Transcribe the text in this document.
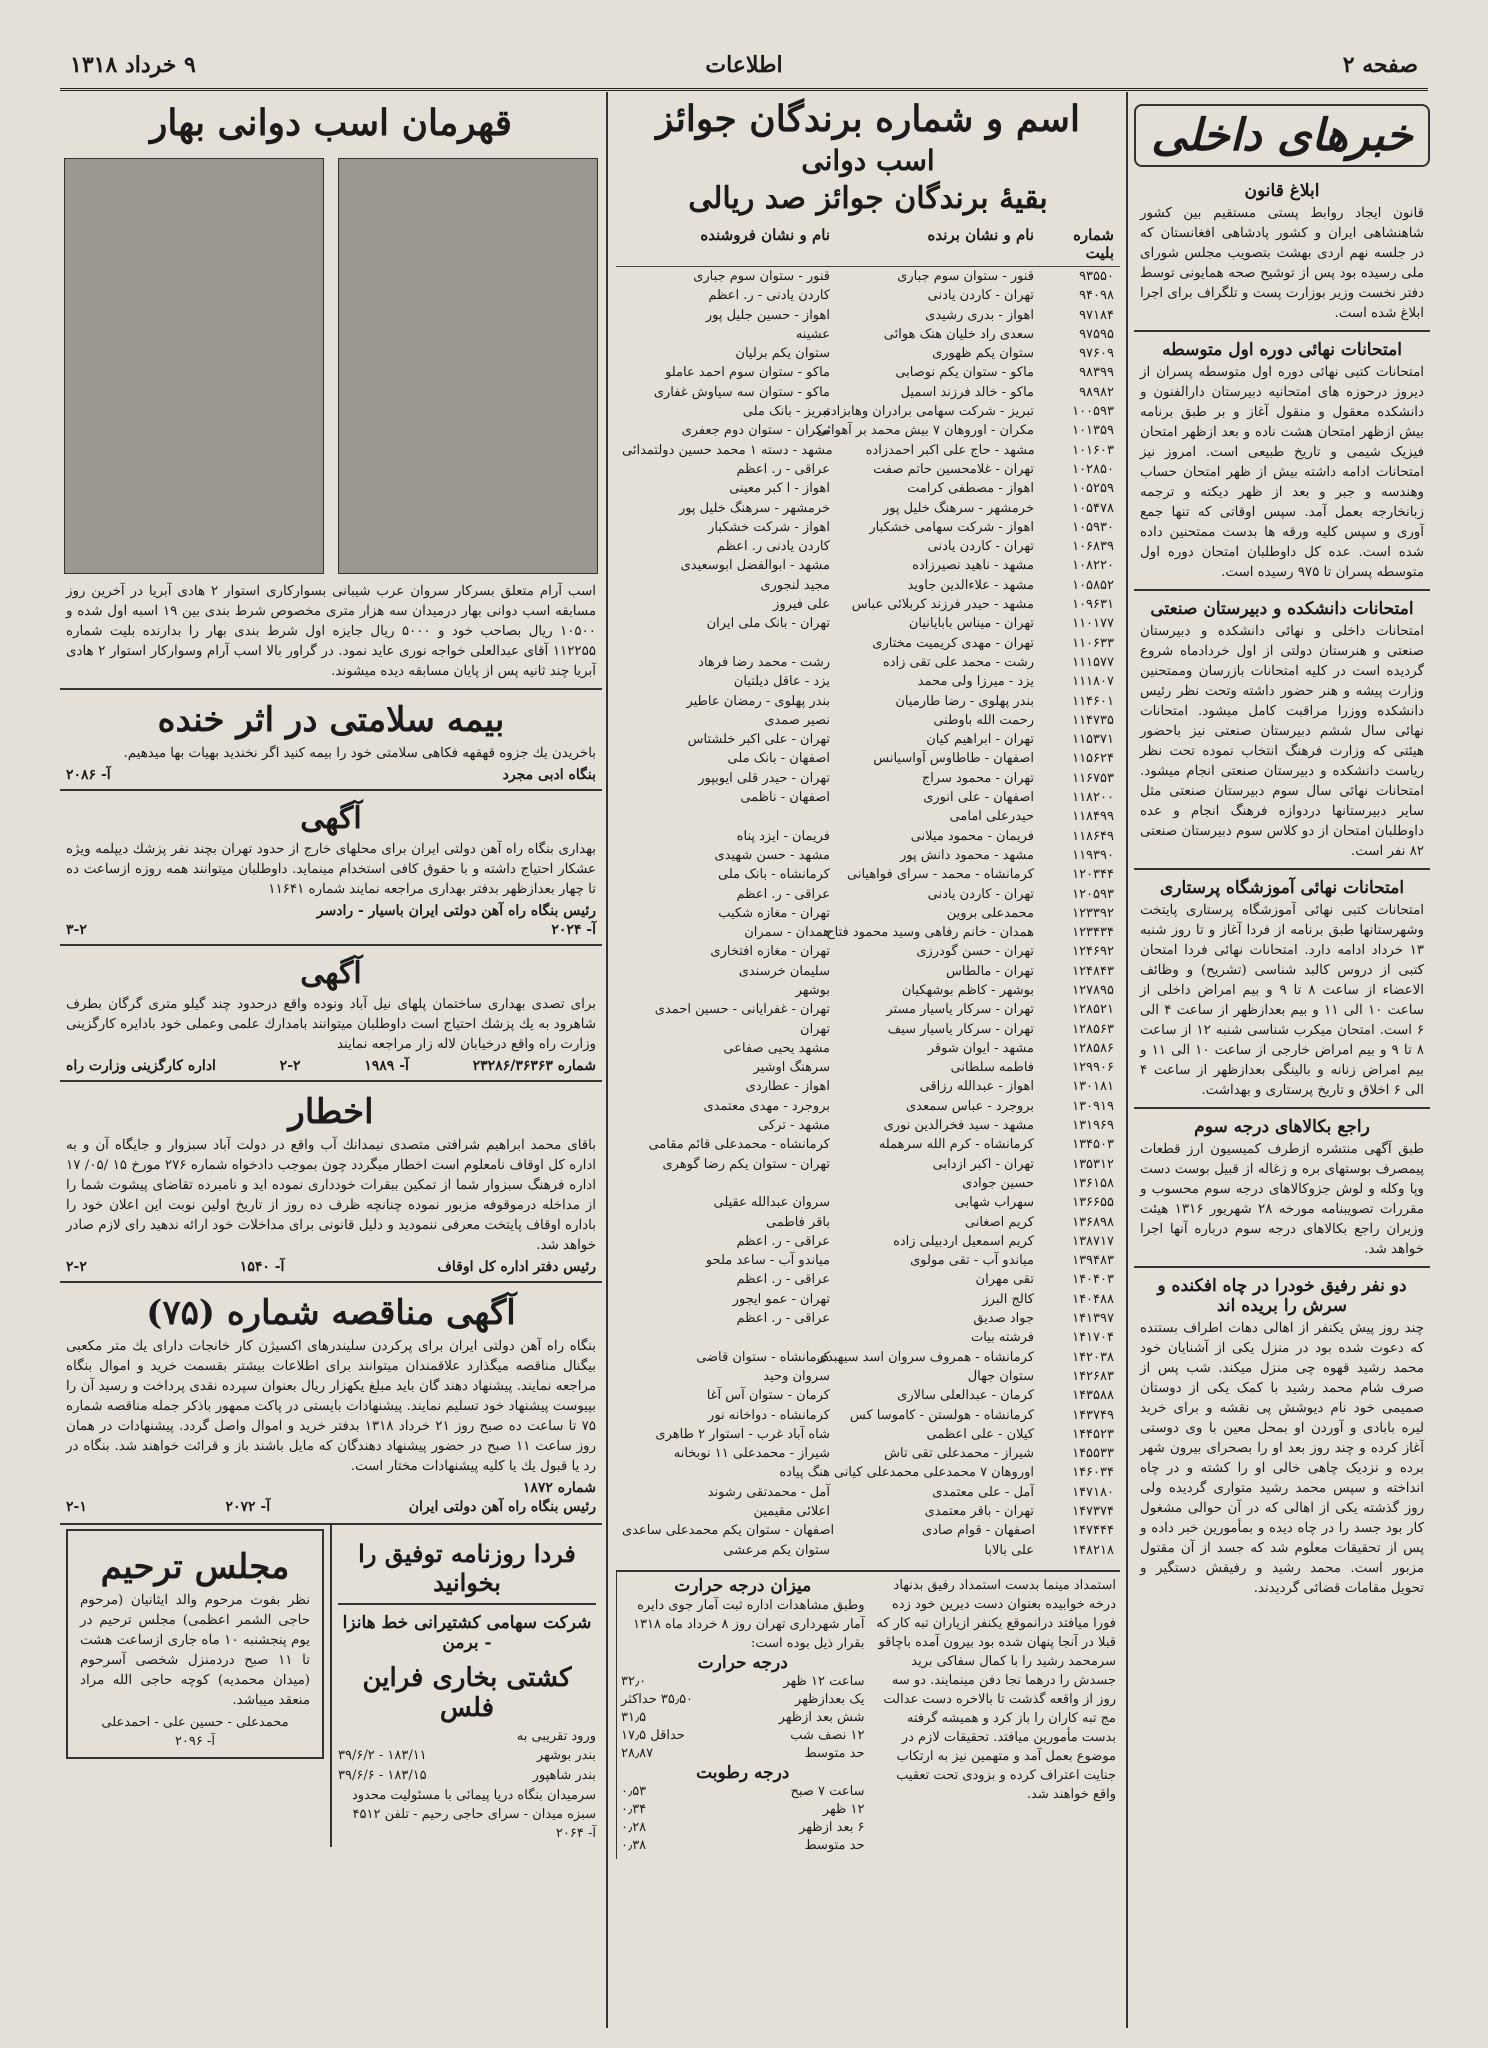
صفحه ۲
اطلاعات
۹ خرداد ۱۳۱۸
خبرهای داخلی
ابلاغ قانون
قانون ایجاد روابط پستی مستقیم بین کشور شاهنشاهی ایران و کشور پادشاهی افغانستان که در جلسه نهم اردی بهشت بتصویب مجلس شورای ملی رسیده بود پس از توشیح صحه همایونی توسط دفتر نخست وزیر بوزارت پست و تلگراف برای اجرا ابلاغ شده است.
امتحانات نهائی دوره اول متوسطه
امتحانات کتبی نهائی دوره اول متوسطه پسران از دیروز درحوزه های امتحانیه دبیرستان دارالفنون و دانشکده معقول و منقول آغاز و بر طبق برنامه بیش ازظهر امتحان هشت ناده و بعد ازظهر امتحان فیزیک شیمی و تاریخ طبیعی است. امروز نیز امتحانات ادامه داشته بیش از ظهر امتحان حساب وهندسه و جبر و بعد از ظهر دیکته و ترجمه زبانخارجه بعمل آمد. سپس اوقاتی که تنها جمع آوری و سپس کلیه ورقه ها بدست ممتحنین داده شده است. عده کل داوطلبان امتحان دوره اول متوسطه پسران تا ۹۷۵ رسیده است.
امتحانات دانشکده و دبیرستان صنعتی
امتحانات داخلی و نهائی دانشکده و دبیرستان صنعتی و هنرستان دولتی از اول خردادماه شروع گردیده است در کلیه امتحانات بازرسان وممتحنین وزارت پیشه و هنر حضور داشته وتحت نظر رئیس دانشکده ووزرا مراقبت کامل میشود. امتحانات نهائی سال ششم دبیرستان صنعتی نیز باحضور هیئتی که وزارت فرهنگ انتخاب نموده تحت نظر ریاست دانشکده و دبیرستان صنعتی انجام میشود. امتحانات نهائی سال سوم دبیرستان صنعتی مثل سایر دبیرستانها دردوازه فرهنگ انجام و عده داوطلبان امتحان از دو کلاس سوم دبیرستان صنعتی ۸۲ نفر است.
امتحانات نهائی آموزشگاه پرستاری
امتحانات کتبی نهائی آموزشگاه پرستاری پایتخت وشهرستانها طبق برنامه از فردا آغاز و تا روز شنبه ۱۳ خرداد ادامه دارد. امتحانات نهائی فردا امتحان کتبی از دروس کالبد شناسی (تشریح) و وظائف الاعضاء از ساعت ۸ تا ۹ و بیم امراض داخلی از ساعت ۱۰ الی ۱۱ و بیم بعدازظهر از ساعت ۴ الی ۶ است. امتحان میکرب شناسی شنبه ۱۲ از ساعت ۸ تا ۹ و بیم امراض خارجی از ساعت ۱۰ الی ۱۱ و بیم امراض زنانه و بالینگی بعدازظهر از ساعت ۴ الی ۶ اخلاق و تاریخ پرستاری و بهداشت.
راجع بکالاهای درجه سوم
طبق آگهی منتشره ازطرف کمیسیون ارز قطعات پیمصرف بوستهای بره و زغاله از قبیل بوست دست وپا وکله و لوش جزوکالاهای درجه سوم محسوب و مقررات تصویبنامه مورخه ۲۸ شهریور ۱۳۱۶ هیئت وزیران راجع بکالاهای درجه سوم درباره آنها اجرا خواهد شد.
دو نفر رفیق خودرا در چاه افکنده و سرش را بریده اند
چند روز پیش یکنفر از اهالی دهات اطراف بستنده که دعوت شده بود در منزل یکی از آشنایان خود محمد رشید قهوه چی منزل میکند. شب پس از صرف شام محمد رشید با کمک یکی از دوستان صمیمی خود نام دیوشش پی نقشه و برای خرید لیره بابادی و آوردن او بمحل معین با وی دوستی آغاز کرده و چند روز بعد او را بصحرای بیرون شهر برده و نزدیک چاهی خالی او را کشته و در چاه انداخته و سپس محمد رشید متواری گردیده ولی روز گذشته یکی از اهالی که در آن حوالی مشغول کار بود جسد را در چاه دیده و بمأمورین خبر داده و پس از تحقیقات معلوم شد که جسد از آن مقتول مزبور است. محمد رشید و رفیقش دستگیر و تحویل مقامات قضائی گردیدند.
اسم و شماره برندگان جوائز
اسب دوانی
بقیهٔ برندگان جوائز صد ریالی
شماره بلیت
نام و نشان برنده
نام و نشان فروشنده
۹۳۵۵۰
قنور - ستوان سوم جباری
قنور - ستوان سوم جباری
۹۴۰۹۸
تهران - کاردن یادنی
کاردن یادنی - ر. اعظم
۹۷۱۸۴
اهواز - بدری رشیدی
اهواز - حسین جلیل پور
۹۷۵۹۵
سعدی راد خلیان هنک هوائی
عشینه
۹۷۶۰۹
ستوان یکم ظهوری
ستوان یکم برلیان
۹۸۳۹۹
ماکو - ستوان یکم نوصابی
ماکو - ستوان سوم احمد عاملو
۹۸۹۸۲
ماکو - خالد فرزند اسمیل
ماکو - ستوان سه سیاوش غفاری
۱۰۰۵۹۳
تبریز - شرکت سهامی برادران وهابزاده
تبریز - بانک ملی
۱۰۱۳۵۹
مکران - اوروهان ۷ بیش محمد بر آهوائی
مکران - ستوان دوم جعفری
۱۰۱۶۰۳
مشهد - حاج علی اکبر احمدزاده
مشهد - دسته ۱ محمد حسین دولتمدائی
۱۰۲۸۵۰
تهران - غلامحسین حاتم صفت
عراقی - ر. اعظم
۱۰۵۲۵۹
اهواز - مصطفی کرامت
اهواز - ا کبر معینی
۱۰۵۴۷۸
خرمشهر - سرهنگ خلیل پور
خرمشهر - سرهنگ خلیل پور
۱۰۵۹۳۰
اهواز - شرکت سهامی خشکبار
اهواز - شرکت خشکبار
۱۰۶۸۳۹
تهران - کاردن یادنی
کاردن یادنی ر. اعظم
۱۰۸۲۲۰
مشهد - ناهید نصیرزاده
مشهد - ابوالفضل ابوسعیدی
۱۰۵۸۵۲
مشهد - علاءالدین جاوید
مجید لنجوری
۱۰۹۶۳۱
مشهد - حیدر فرزند کربلائی عباس
علی فیروز
۱۱۰۱۷۷
تهران - میناس بابایانیان
تهران - بانک ملی ایران
۱۱۰۶۳۳
تهران - مهدی کریمیت مختاری
۱۱۱۵۷۷
رشت - محمد علی تقی زاده
رشت - محمد رضا فرهاد
۱۱۱۸۰۷
یزد - میرزا ولی محمد
یزد - عاقل دیلتیان
۱۱۴۶۰۱
بندر پهلوی - رضا طارمیان
بندر پهلوی - رمضان عاطیر
۱۱۴۷۳۵
رحمت الله باوطنی
نصیر صمدی
۱۱۵۳۷۱
تهران - ابراهیم کیان
تهران - علی اکبر خلشتاس
۱۱۵۶۲۴
اصفهان - طاطاوس آواسیانس
اصفهان - بانک ملی
۱۱۶۷۵۳
تهران - محمود سراج
تهران - حیدر قلی ایوبپور
۱۱۸۲۰۰
اصفهان - علی انوری
اصفهان - ناظمی
۱۱۸۴۹۹
حیدرعلی امامی
۱۱۸۶۴۹
فریمان - محمود میلانی
فریمان - ایزد پناه
۱۱۹۳۹۰
مشهد - محمود دانش پور
مشهد - حسن شهیدی
۱۲۰۳۴۴
کرمانشاه - محمد - سرای فواهیانی
کرمانشاه - بانک ملی
۱۲۰۵۹۳
تهران - کاردن یادنی
عراقی - ر. اعظم
۱۲۳۳۹۲
محمدعلی بروین
تهران - مغازه شکیب
۱۲۳۴۳۴
همدان - خانم رفاهی وسید محمود فتاح
همدان - سمران
۱۲۴۶۹۲
تهران - حسن گودرزی
تهران - مغازه افتخاری
۱۲۴۸۴۳
تهران - مالطاس
سلیمان خرسندی
۱۲۷۸۹۵
بوشهر - کاظم بوشهکیان
بوشهر
۱۲۸۵۲۱
تهران - سرکار یاسیار مستر
تهران - غفرایانی - حسین احمدی
۱۲۸۵۶۳
تهران - سرکار یاسیار سیف
تهران
۱۲۸۵۸۶
مشهد - ایوان شوقر
مشهد یحیی صفاعی
۱۲۹۹۰۶
فاطمه سلطانی
سرهنگ اوشیر
۱۳۰۱۸۱
اهواز - عبدالله رزاقی
اهواز - عطاردی
۱۳۰۹۱۹
بروجرد - عباس سمعدی
بروجرد - مهدی معتمدی
۱۳۱۹۶۹
مشهد - سید فخرالدین نوری
مشهد - ترکی
۱۳۴۵۰۳
کرمانشاه - کرم الله سرهمله
کرمانشاه - محمدعلی قائم مقامی
۱۳۵۳۱۲
تهران - اکبر ازدابی
تهران - ستوان یکم رضا گوهری
۱۳۶۱۵۸
حسین جوادی
۱۳۶۶۵۵
سهراب شهابی
سروان عبدالله عقیلی
۱۳۶۸۹۸
کریم اصغانی
باقر فاطمی
۱۳۸۷۱۷
کریم اسمعیل اردبیلی زاده
عراقی - ر. اعظم
۱۳۹۴۸۳
میاندو آب - تقی مولوی
میاندو آب - ساعد ملحو
۱۴۰۴۰۳
تقی مهران
عراقی - ر. اعظم
۱۴۰۴۸۸
کالج البرز
تهران - عمو ایجور
۱۴۱۳۹۷
جواد صدیق
عراقی - ر. اعظم
۱۴۱۷۰۴
فرشته بیات
۱۴۲۰۳۸
کرمانشاه - همروف سروان اسد سیهبدی
کرمانشاه - ستوان قاضی
۱۴۲۶۸۳
ستوان جهال
سروان وحید
۱۴۳۵۸۸
کرمان - عبدالعلی سالاری
کرمان - ستوان آس آغا
۱۴۳۷۴۹
کرمانشاه - هولستن - کاموسا کس
کرمانشاه - دواخانه نور
۱۴۴۵۲۳
کیلان - علی اعظمی
شاه آباد غرب - استوار ۲ طاهری
۱۴۵۵۳۳
شیراز - محمدعلی تقی تاش
شیراز - محمدعلی ۱۱ نوبخانه
۱۴۶۰۳۴
اوروهان ۷ محمدعلی محمدعلی کیانی
هنگ پیاده
۱۴۷۱۸۰
آمل - علی معتمدی
آمل - محمدتقی رشوند
۱۴۷۳۷۴
تهران - باقر معتمدی
اعلائی مقیمین
۱۴۷۴۴۴
اصفهان - قوام صادی
اصفهان - ستوان یکم محمدعلی ساعدی
۱۴۸۲۱۸
علی بالابا
ستوان یکم مرعشی
استمداد مینما بدست استمداد رفیق بدنهاد درخه خوابیده بعنوان دست دیرین خود زده فورا میافتد درانموقع یکنفر ازیاران تبه کار که قبلا در آنجا پنهان شده بود بیرون آمده باچاقو سرمحمد رشید را با کمال سفاکی برید جسدش را درهما نجا دفن مینمایند. دو سه روز از واقعه گذشت تا بالاخره دست عدالت مج تبه کاران را باز کرد و همیشه گرفته بدست مأمورین میافتد. تحقیقات لازم در موضوع بعمل آمد و متهمین نیز به ارتکاب جنایت اعتراف کرده و بزودی تحت تعقیب واقع خواهند شد.
میزان درجه حرارت
وطبق مشاهدات اداره ثبت آمار جوی دایره آمار شهرداری تهران روز ۸ خرداد ماه ۱۳۱۸ بقرار ذیل بوده است:
درجه حرارت
ساعت ۱۲ ظهر
۳۲٫۰
یک بعدازظهر
۳۵٫۵۰ حداکثر
شش بعد ازظهر
۳۱٫۵
۱۲ نصف شب
حداقل ۱۷٫۵
حد متوسط
۲۸٫۸۷
درجه رطوبت
ساعت ۷ صبح
۰٫۵۳
۱۲ ظهر
۰٫۳۴
۶ بعد ازظهر
۰٫۲۸
حد متوسط
۰٫۳۸
قهرمان اسب دوانی بهار
اسب آرام متعلق بسرکار سروان عرب شیبانی بسوارکاری استوار ۲ هادی آبریا در آخرین روز مسابقه اسب دوانی بهار درمیدان سه هزار متری مخصوص شرط بندی بین ۱۹ اسبه اول شده و ۱۰۵۰۰ ریال بصاحب خود و ۵۰۰۰ ریال جایزه اول شرط بندی بهار را بدارنده بلیت شماره ۱۱۲۲۵۵ آقای عبدالعلی خواجه نوری عاید نمود. در گراور بالا اسب آرام وسوارکار استوار ۲ هادی آبریا چند ثانیه پس از پایان مسابقه دیده میشوند.
بیمه سلامتی در اثر خنده
باخریدن یك جزوه قهقهه فکاهی سلامتی خود را بیمه کنید اگر نخندید بهیات بها میدهیم.
بنگاه ادبی مجرد
آ- ۲۰۸۶
آگهی
بهداری بنگاه راه آهن دولتی ایران برای محلهای خارج از حدود تهران بچند نفر پزشك دیپلمه ویژه عشکار احتیاج داشته و با حقوق کافی استخدام مینماید. داوطلبان میتوانند همه روزه ازساعت ده تا چهار بعدازظهر بدفتر بهداری مراجعه نمایند شماره ۱۱۶۴۱
رئیس بنگاه راه آهن دولتی ایران باسیار - رادسر
آ- ۲۰۲۴
۳-۲
آگهی
برای تصدی بهداری ساختمان پلهای نیل آباد ونوده واقع درحدود چند گیلو متری گرگان بطرف شاهرود به یك پزشك احتیاج است داوطلبان میتوانند بامدارك علمی وعملی خود بادایره کارگزینی وزارت راه واقع درخیابان لاله زار مراجعه نمایند
شماره ۲۳۲۸۶/۳۶۳۶۳
آ- ۱۹۸۹
۲-۲
اداره کارگزینی وزارت راه
اخطار
باقای محمد ابراهیم شرافتی متصدی نیمدانك آب واقع در دولت آباد سبزوار و جایگاه آن و به اداره کل اوقاف نامعلوم است اخطار میگردد چون بموجب دادخواه شماره ۲۷۶ مورخ ۱۵ /۰۵/ ۱۷ اداره فرهنگ سبزوار شما از تمکین ببقرات خودداری نموده اید و نامبرده تقاضای پیشوت شما را از مداخله درموقوفه مزبور نموده چنانچه ظرف ده روز از تاریخ اولین نوبت این اعلان خود را باداره اوقاف پایتخت معرفی ننمودید و دلیل قانونی برای مداخلات خود ارائه ندهید رای لازم صادر خواهد شد.
رئیس دفتر اداره کل اوقاف
آ- ۱۵۴۰
۲-۲
آگهی مناقصه شماره (۷۵)
بنگاه راه آهن دولتی ایران برای پرکردن سلیندرهای اکسیژن کار خانجات دارای یك متر مکعبی بیگنال مناقصه میگذارد علاقمندان میتوانند برای اطلاعات بیشتر بقسمت خرید و اموال بنگاه مراجعه نمایند. پیشنهاد دهند گان باید مبلغ یکهزار ریال بعنوان سپرده نقدی پرداخت و رسید آن را بپیوست پیشنهاد خود تسلیم نمایند. پیشنهادات بایستی در پاکت ممهور باذکر جمله مناقصه شماره ۷۵ تا ساعت ده صبح روز ۲۱ خرداد ۱۳۱۸ بدفتر خرید و اموال واصل گردد. پیشنهادات در همان روز ساعت ۱۱ صبح در حضور پیشنهاد دهندگان که مایل باشند باز و قرائت خواهند شد. بنگاه در رد یا قبول یك یا کلیه پیشنهادات مختار است.
شماره ۱۸۷۲
رئیس بنگاه راه آهن دولتی ایران
آ- ۲۰۷۲
۲-۱
فردا روزنامه توفیق را بخوانید
شرکت سهامی کشتیرانی خط هانزا - برمن
کشتی بخاری فراین فلس
ورود تقریبی به
بندر بوشهر
۱۸۳/۱۱ - ۳۹/۶/۲
بندر شاهپور
۱۸۳/۱۵ - ۳۹/۶/۶
سرمیدان بنگاه دریا پیمائی با مسئولیت محدود سبزه میدان - سرای حاجی رحیم - تلفن ۴۵۱۲
آ- ۲۰۶۴
مجلس ترحیم
نظر بفوت مرحوم والد ایثانیان (مرحوم حاجی الشمر اعظمی) مجلس ترحیم در یوم پنجشنبه ۱۰ ماه جاری ازساعت هشت تا ۱۱ صبح دردمنزل شخصی آسرحوم (میدان محمدیه) کوچه حاجی الله مراد منعقد میباشد.
محمدعلی - حسین علی - احمدعلی
آ- ۲۰۹۶
